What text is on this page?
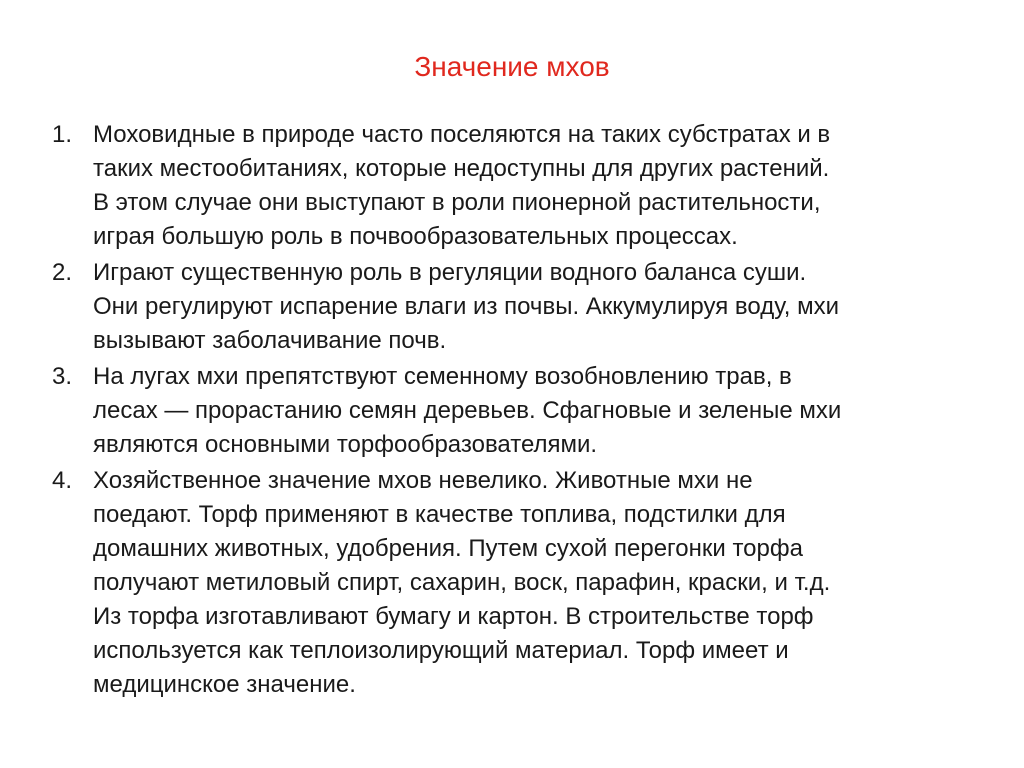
Значение мхов
1. Моховидные в природе часто поселяются на таких субстратах и в
таких местообитаниях, которые недоступны для других растений.
В этом случае они выступают в роли пионерной растительности,
играя большую роль в почвообразовательных процессах.
2. Играют существенную роль в регуляции водного баланса суши.
Они регулируют испарение влаги из почвы. Аккумулируя воду, мхи
вызывают заболачивание почв.
3. На лугах мхи препятствуют семенному возобновлению трав, в
лесах — прорастанию семян деревьев. Сфагновые и зеленые мхи
являются основными торфообразователями.
4. Хозяйственное значение мхов невелико. Животные мхи не
поедают. Торф применяют в качестве топлива, подстилки для
домашних животных, удобрения. Путем сухой перегонки торфа
получают метиловый спирт, сахарин, воск, парафин, краски, и т.д.
Из торфа изготавливают бумагу и картон. В строительстве торф
используется как теплоизолирующий материал. Торф имеет и
медицинское значение.
